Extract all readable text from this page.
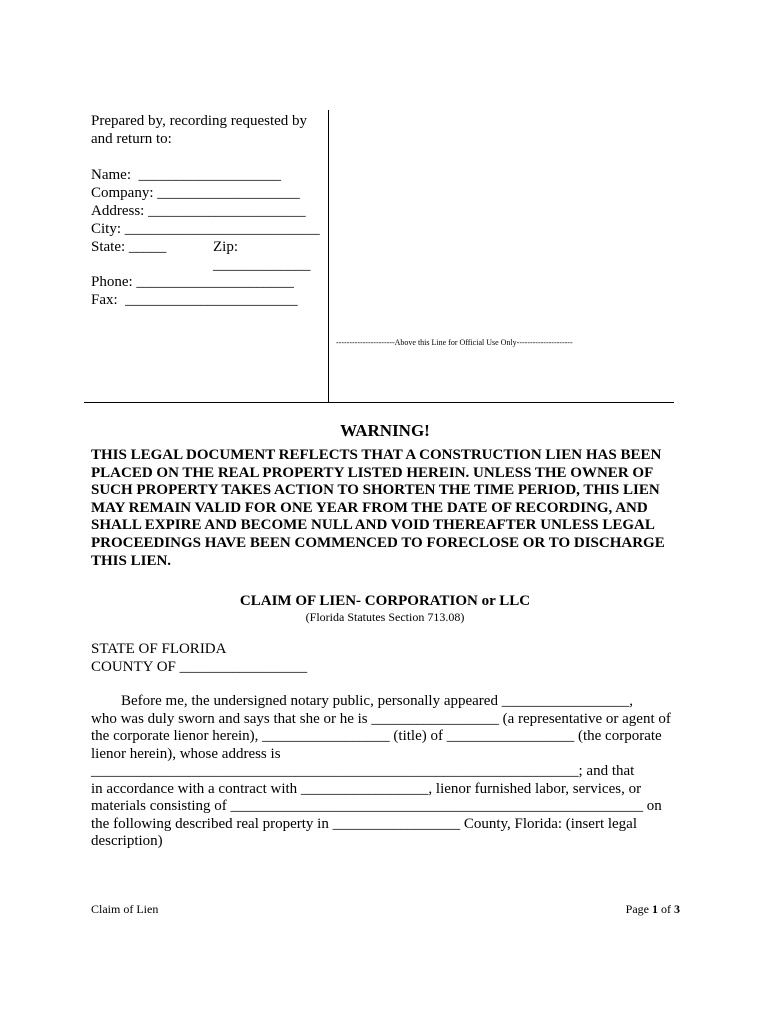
Prepared by, recording requested by
and return to:
Name:  ___________________
Company: ___________________
Address: _____________________
City: __________________________
State: _____	Zip:
_____________
Phone: _____________________
Fax:  _______________________
----------------------Above this Line for Official Use Only---------------------
WARNING!
THIS LEGAL DOCUMENT REFLECTS THAT A CONSTRUCTION LIEN HAS BEEN
PLACED ON THE REAL PROPERTY LISTED HEREIN. UNLESS THE OWNER OF
SUCH PROPERTY TAKES ACTION TO SHORTEN THE TIME PERIOD, THIS LIEN
MAY REMAIN VALID FOR ONE YEAR FROM THE DATE OF RECORDING, AND
SHALL EXPIRE AND BECOME NULL AND VOID THEREAFTER UNLESS LEGAL
PROCEEDINGS HAVE BEEN COMMENCED TO FORECLOSE OR TO DISCHARGE
THIS LIEN.
CLAIM OF LIEN- CORPORATION or LLC
(Florida Statutes Section 713.08)
STATE OF FLORIDA
COUNTY OF _________________
Before me, the undersigned notary public, personally appeared _________________,
who was duly sworn and says that she or he is _________________ (a representative or agent of
the corporate lienor herein), _________________ (title) of _________________ (the corporate
lienor herein), whose address is
_________________________________________________________________; and that
in accordance with a contract with _________________, lienor furnished labor, services, or
materials consisting of _______________________________________________________ on
the following described real property in _________________ County, Florida: (insert legal
description)
Claim of Lien	Page 1 of 3
